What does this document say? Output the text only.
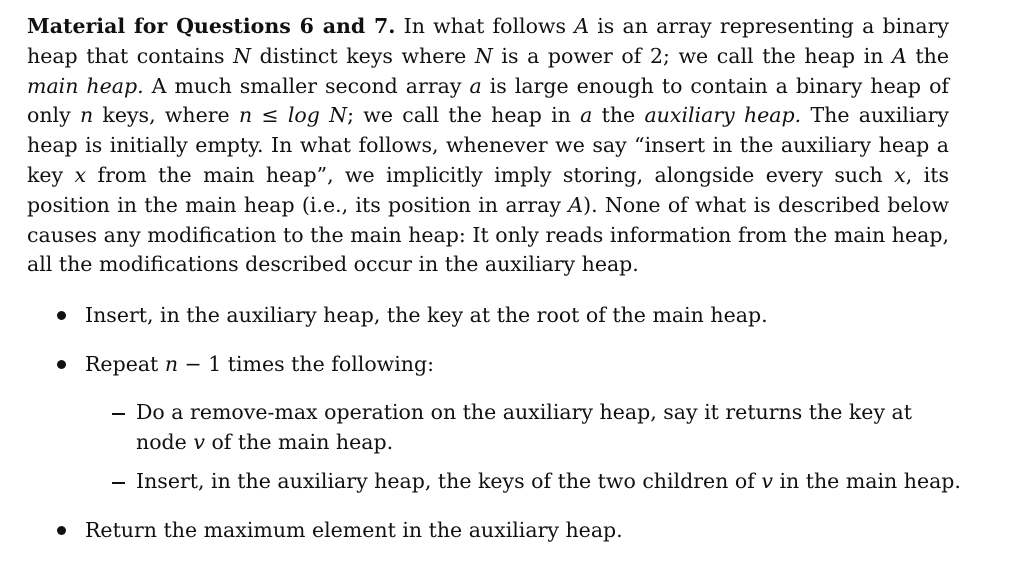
Material for Questions 6 and 7. In what follows A is an array representing a binary heap that contains N distinct keys where N is a power of 2; we call the heap in A the main heap. A much smaller second array a is large enough to contain a binary heap of only n keys, where n ≤ log N; we call the heap in a the auxiliary heap. The auxiliary heap is initially empty. In what follows, whenever we say “insert in the auxiliary heap a key x from the main heap”, we implicitly imply storing, alongside every such x, its position in the main heap (i.e., its position in array A). None of what is described below causes any modification to the main heap: It only reads information from the main heap, all the modifications described occur in the auxiliary heap.

Insert, in the auxiliary heap, the key at the root of the main heap.
Repeat n − 1 times the following:
Do a remove-max operation on the auxiliary heap, say it returns the key at node v of the main heap.
Insert, in the auxiliary heap, the keys of the two children of v in the main heap.
Return the maximum element in the auxiliary heap.
